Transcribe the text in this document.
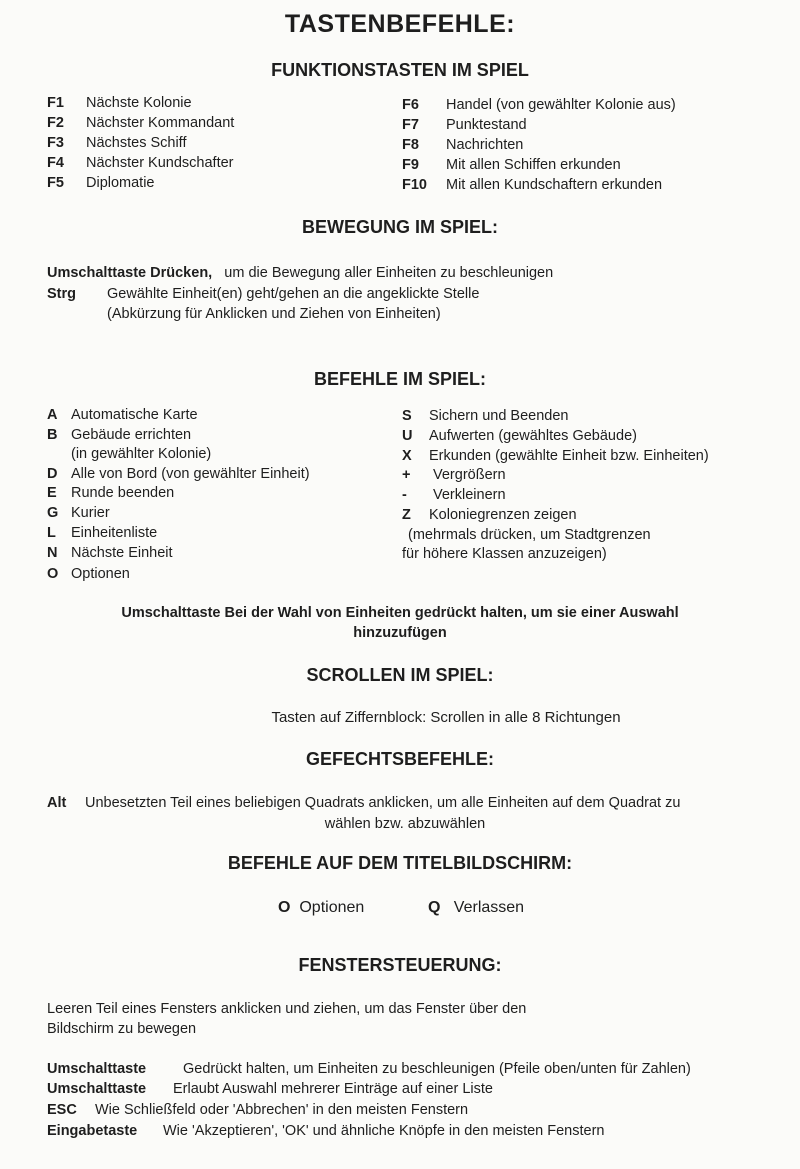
TASTENBEFEHLE:
FUNKTIONSTASTEN IM SPIEL
F1 Nächste Kolonie
F2 Nächster Kommandant
F3 Nächstes Schiff
F4 Nächster Kundschafter
F5 Diplomatie
F6 Handel (von gewählter Kolonie aus)
F7 Punktestand
F8 Nachrichten
F9 Mit allen Schiffen erkunden
F10 Mit allen Kundschaftern erkunden
BEWEGUNG IM SPIEL:
Umschalttaste Drücken, um die Bewegung aller Einheiten zu beschleunigen
Strg Gewählte Einheit(en) geht/gehen an die angeklickte Stelle
(Abkürzung für Anklicken und Ziehen von Einheiten)
BEFEHLE IM SPIEL:
A Automatische Karte
B Gebäude errichten
(in gewählter Kolonie)
D Alle von Bord (von gewählter Einheit)
E Runde beenden
G Kurier
L Einheitenliste
N Nächste Einheit
O Optionen
S Sichern und Beenden
U Aufwerten (gewähltes Gebäude)
X Erkunden (gewählte Einheit bzw. Einheiten)
+ Vergrößern
- Verkleinern
Z Koloniegrenzen zeigen
(mehrmals drücken, um Stadtgrenzen
für höhere Klassen anzuzeigen)
Umschalttaste Bei der Wahl von Einheiten gedrückt halten, um sie einer Auswahl
hinzuzufügen
SCROLLEN IM SPIEL:
Tasten auf Ziffernblock: Scrollen in alle 8 Richtungen
GEFECHTSBEFEHLE:
Alt Unbesetzten Teil eines beliebigen Quadrats anklicken, um alle Einheiten auf dem Quadrat zu
wählen bzw. abzuwählen
BEFEHLE AUF DEM TITELBILDSCHIRM:
O Optionen	Q Verlassen
FENSTERSTEUERUNG:
Leeren Teil eines Fensters anklicken und ziehen, um das Fenster über den
Bildschirm zu bewegen
Umschalttaste	Gedrückt halten, um Einheiten zu beschleunigen (Pfeile oben/unten für Zahlen)
Umschalttaste Erlaubt Auswahl mehrerer Einträge auf einer Liste
ESC Wie Schließfeld oder 'Abbrechen' in den meisten Fenstern
Eingabetaste Wie 'Akzeptieren', 'OK' und ähnliche Knöpfe in den meisten Fenstern
